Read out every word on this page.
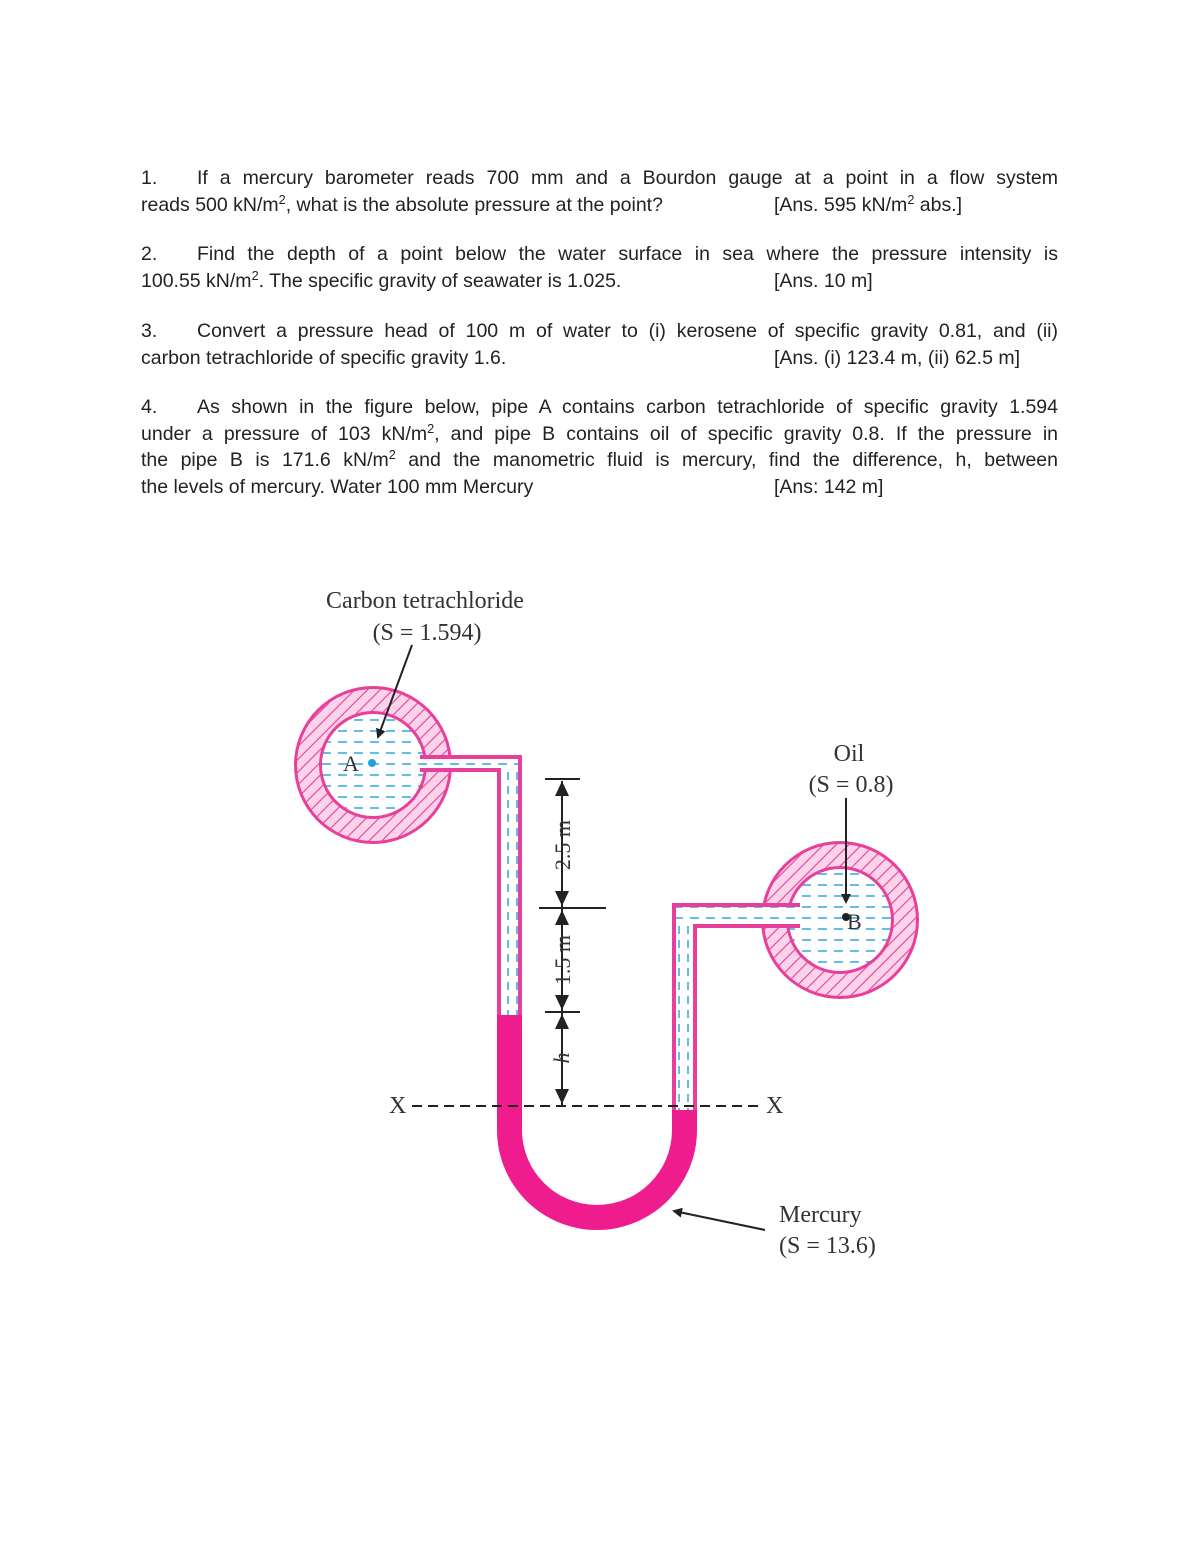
1. If a mercury barometer reads 700 mm and a Bourdon gauge at a point in a flow system
reads 500 $kN/m^2$, what is the absolute pressure at the point?	[Ans. 595 $kN/m^2$ abs.]
2. Find the depth of a point below the water surface in sea where the pressure intensity is
100.55 $kN/m^2$. The specific gravity of seawater is 1.025.	[Ans. 10 m]
3. Convert a pressure head of 100 m of water to (i) kerosene of specific gravity 0.81, and (ii)
carbon tetrachloride of specific gravity 1.6.	[Ans. (i) 123.4 m, (ii) 62.5 m]
4. As shown in the figure below, pipe A contains carbon tetrachloride of specific gravity 1.594
under a pressure of 103 $kN/m^2$, and pipe B contains oil of specific gravity 0.8. If the pressure in
the pipe B is 171.6 $kN/m^2$ and the manometric fluid is mercury, find the difference, h, between
the levels of mercury. Water 100 mm Mercury	[Ans: 142 m]
A
B
Carbon tetrachloride
(S = 1.594)
Oil
(S = 0.8)
Mercury
(S = 13.6)
X	X
2.5 m
1.5 m
h
